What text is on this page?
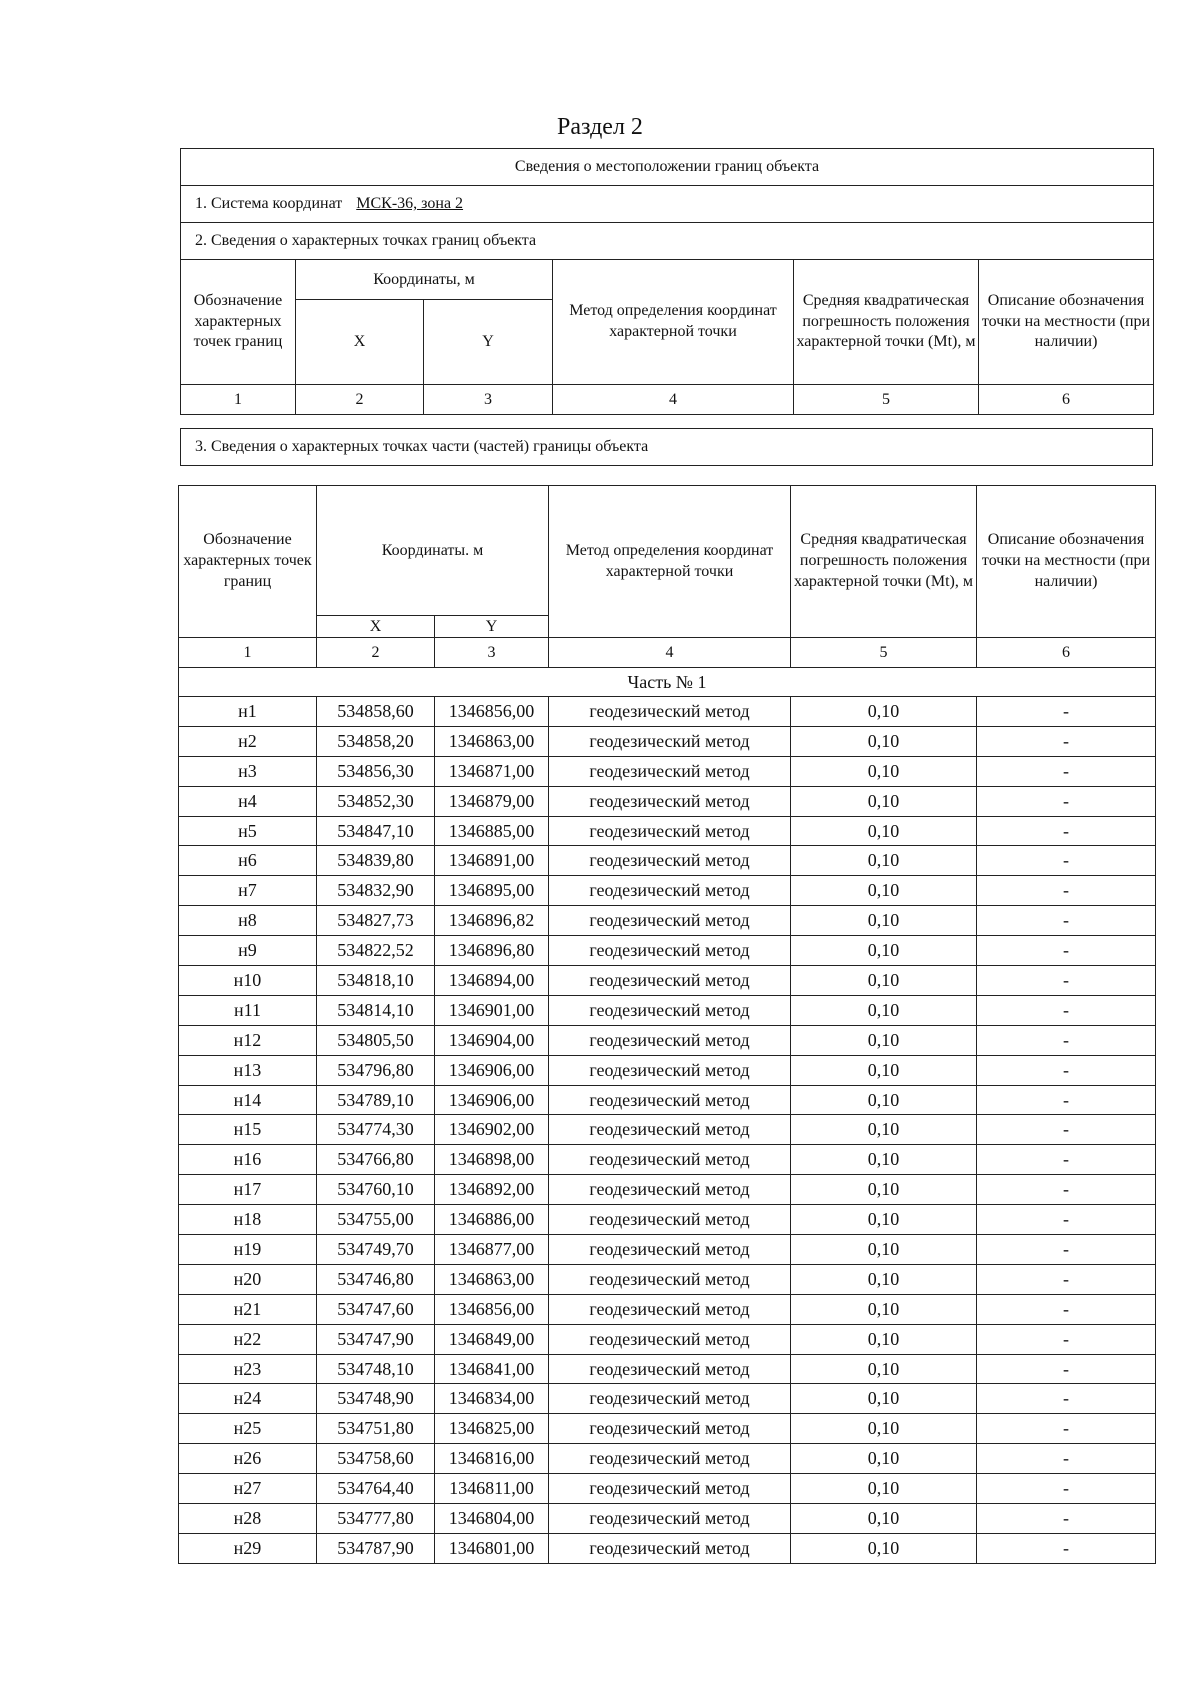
Раздел 2
Сведения о местоположении границ объекта					
1. Система координат МСК-36, зона 2					
2. Сведения о характерных точках границ объекта					
Обозначение характерных точек границ	Координаты, м		Метод определения координат характерной точки	Средняя квадратическая погрешность положения характерной точки (Mt), м	Описание обозначения точки на местности (при наличии)
	X	Y			
1	2	3	4	5	6
3. Сведения о характерных точках части (частей) границы объекта
Обозначение характерных точек границ	Координаты. м		Метод определения координат характерной точки	Средняя квадратическая погрешность положения характерной точки (Mt), м	Описание обозначения точки на местности (при наличии)
	X	Y			
1	2	3	4	5	6
Часть № 1					
н1	534858,60	1346856,00	геодезический метод	0,10	-
н2	534858,20	1346863,00	геодезический метод	0,10	-
н3	534856,30	1346871,00	геодезический метод	0,10	-
н4	534852,30	1346879,00	геодезический метод	0,10	-
н5	534847,10	1346885,00	геодезический метод	0,10	-
н6	534839,80	1346891,00	геодезический метод	0,10	-
н7	534832,90	1346895,00	геодезический метод	0,10	-
н8	534827,73	1346896,82	геодезический метод	0,10	-
н9	534822,52	1346896,80	геодезический метод	0,10	-
н10	534818,10	1346894,00	геодезический метод	0,10	-
н11	534814,10	1346901,00	геодезический метод	0,10	-
н12	534805,50	1346904,00	геодезический метод	0,10	-
н13	534796,80	1346906,00	геодезический метод	0,10	-
н14	534789,10	1346906,00	геодезический метод	0,10	-
н15	534774,30	1346902,00	геодезический метод	0,10	-
н16	534766,80	1346898,00	геодезический метод	0,10	-
н17	534760,10	1346892,00	геодезический метод	0,10	-
н18	534755,00	1346886,00	геодезический метод	0,10	-
н19	534749,70	1346877,00	геодезический метод	0,10	-
н20	534746,80	1346863,00	геодезический метод	0,10	-
н21	534747,60	1346856,00	геодезический метод	0,10	-
н22	534747,90	1346849,00	геодезический метод	0,10	-
н23	534748,10	1346841,00	геодезический метод	0,10	-
н24	534748,90	1346834,00	геодезический метод	0,10	-
н25	534751,80	1346825,00	геодезический метод	0,10	-
н26	534758,60	1346816,00	геодезический метод	0,10	-
н27	534764,40	1346811,00	геодезический метод	0,10	-
н28	534777,80	1346804,00	геодезический метод	0,10	-
н29	534787,90	1346801,00	геодезический метод	0,10	-
